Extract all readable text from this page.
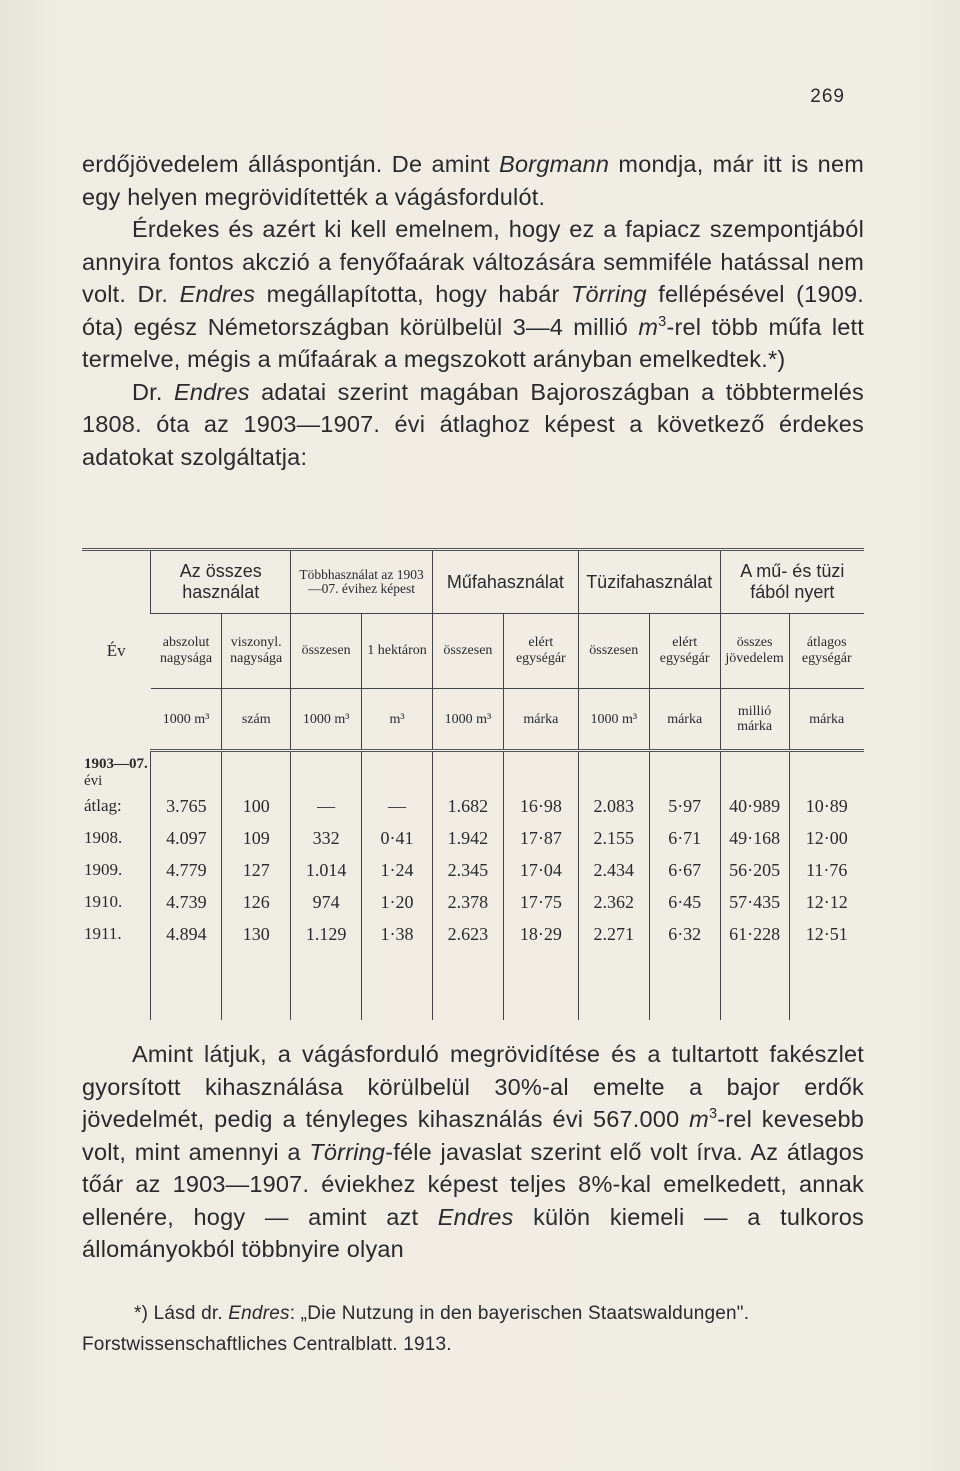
269

erdőjövedelem álláspontján. De amint Borgmann mondja, már itt is nem egy helyen megrövidítették a vágásfordulót.

Érdekes és azért ki kell emelnem, hogy ez a fapiacz szempontjából annyira fontos akczió a fenyőfaárak változására semmiféle hatással nem volt. Dr. Endres megállapította, hogy habár Törring fellépésével (1909. óta) egész Németországban körülbelül 3—4 millió $m^3$-rel több műfa lett termelve, mégis a műfaárak a megszokott arányban emelkedtek.*)

Dr. Endres adatai szerint magában Bajoroszágban a többtermelés 1808. óta az 1903—1907. évi átlaghoz képest a következő érdekes adatokat szolgáltatja:

Év	Az összes használat		Többhasználat az 1903—07. évihez képest		Műfahasználat		Tüzifahasználat		A mű- és tüzi fából nyert	
	abszolut nagysága	viszonyl. nagysága	összesen	1 hektáron	összesen	elért egységár	összesen	elért egységár	összes jövedelem	átlagos egységár
	1000 m³	szám	1000 m³	m³	1000 m³	márka	1000 m³	márka	millió márka	márka
1903—07.
évi										
átlag:	3.765	100	—	—	1.682	16·98	2.083	5·97	40·989	10·89
1908.	4.097	109	332	0·41	1.942	17·87	2.155	6·71	49·168	12·00
1909.	4.779	127	1.014	1·24	2.345	17·04	2.434	6·67	56·205	11·76
1910.	4.739	126	974	1·20	2.378	17·75	2.362	6·45	57·435	12·12
1911.	4.894	130	1.129	1·38	2.623	18·29	2.271	6·32	61·228	12·51

Amint látjuk, a vágásforduló megrövidítése és a tultartott fakészlet gyorsított kihasználása körülbelül 30%-al emelte a bajor erdők jövedelmét, pedig a tényleges kihasználás évi 567.000 $m^3$-rel kevesebb volt, mint amennyi a Törring-féle javaslat szerint elő volt írva. Az átlagos tőár az 1903—1907. éviekhez képest teljes 8%-kal emelkedett, annak ellenére, hogy — amint azt Endres külön kiemeli — a tulkoros állományokból többnyire olyan

*) Lásd dr. Endres: „Die Nutzung in den bayerischen Staatswaldungen".

Forstwissenschaftliches Centralblatt. 1913.
